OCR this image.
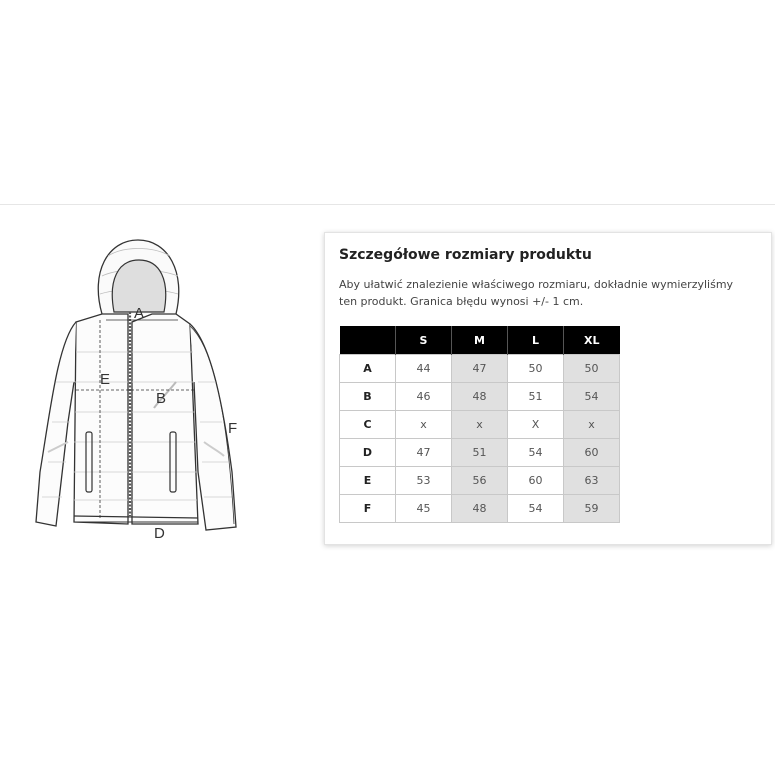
A
B
D
E
F
Szczegółowe rozmiary produktu

Aby ułatwić znalezienie właściwego rozmiaru, dokładnie wymierzyliśmy ten produkt. Granica błędu wynosi +/- 1 cm.

	S	M	L	XL
A	44	47	50	50
B	46	48	51	54
C	x	x	X	x
D	47	51	54	60
E	53	56	60	63
F	45	48	54	59
